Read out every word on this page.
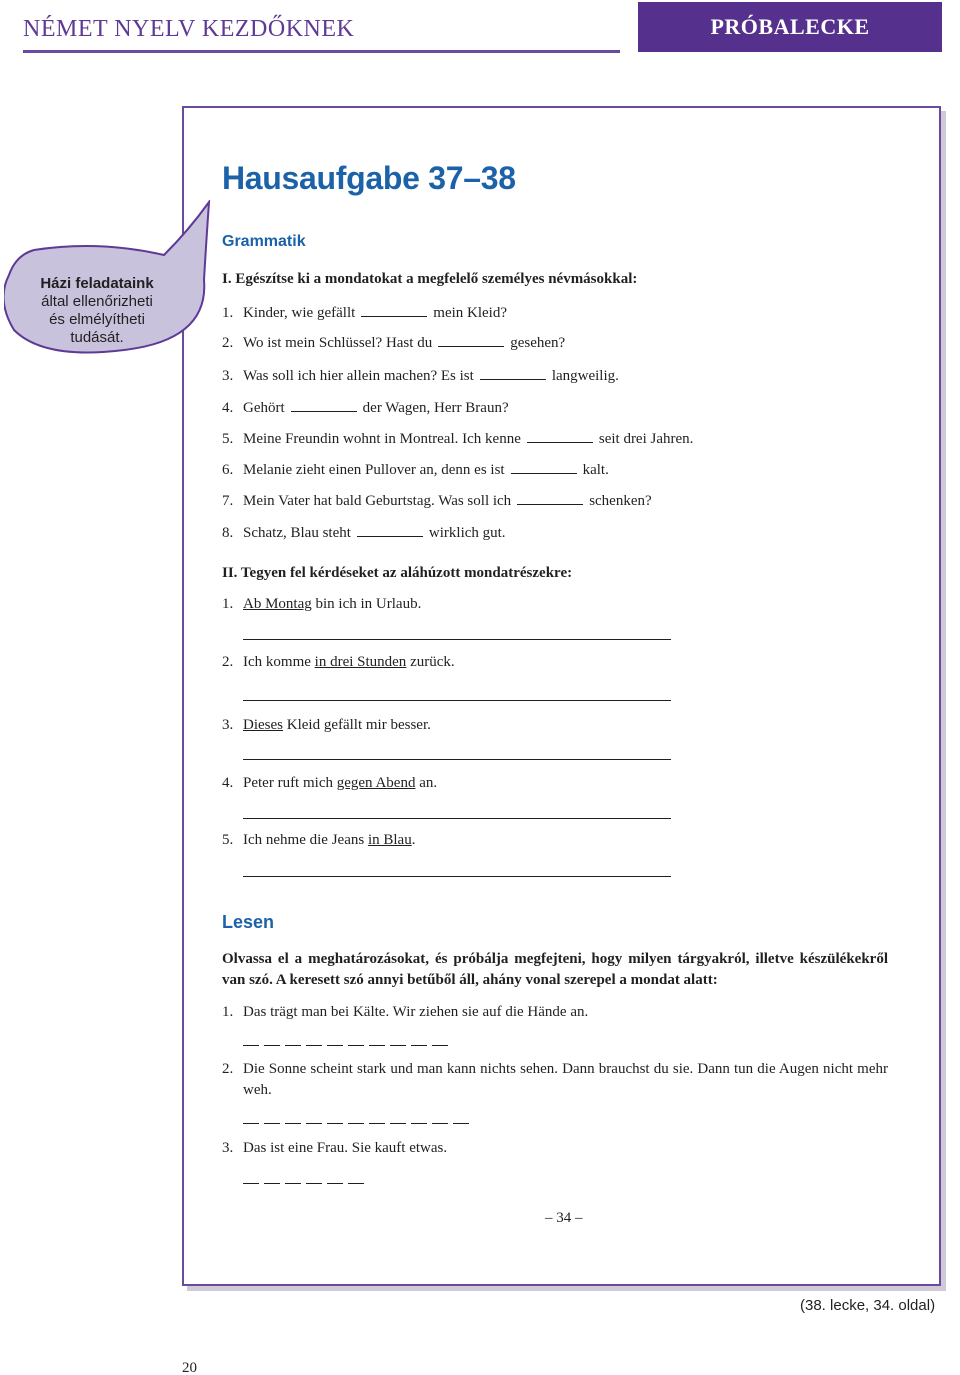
NÉMET NYELV KEZDŐKNEK	PRÓBALECKE
Házi feladataink
által ellenőrizheti
és elmélyítheti
tudását.
Hausaufgabe 37–38
Grammatik
I. Egészítse ki a mondatokat a megfelelő személyes névmásokkal:
1. Kinder, wie gefällt	mein Kleid?
2. Wo ist mein Schlüssel? Hast du	gesehen?
3. Was soll ich hier allein machen? Es ist	langweilig.
4. Gehört	der Wagen, Herr Braun?
5. Meine Freundin wohnt in Montreal. Ich kenne	seit drei Jahren.
6. Melanie zieht einen Pullover an, denn es ist	kalt.
7. Mein Vater hat bald Geburtstag. Was soll ich	schenken?
8. Schatz, Blau steht	wirklich gut.
II. Tegyen fel kérdéseket az aláhúzott mondatrészekre:
1. Ab Montag bin ich in Urlaub.
2. Ich komme in drei Stunden zurück.
3. Dieses Kleid gefällt mir besser.
4. Peter ruft mich gegen Abend an.
5. Ich nehme die Jeans in Blau.
Lesen
Olvassa el a meghatározásokat, és próbálja megfejteni, hogy milyen tárgyakról, illetve készülékekről van szó. A keresett szó annyi betűből áll, ahány vonal szerepel a mondat alatt:
1. Das trägt man bei Kälte. Wir ziehen sie auf die Hände an.
2. Die Sonne scheint stark und man kann nichts sehen. Dann brauchst du sie. Dann tun die Augen nicht mehr weh.
3. Das ist eine Frau. Sie kauft etwas.
– 34 –
(38. lecke, 34. oldal)
20
